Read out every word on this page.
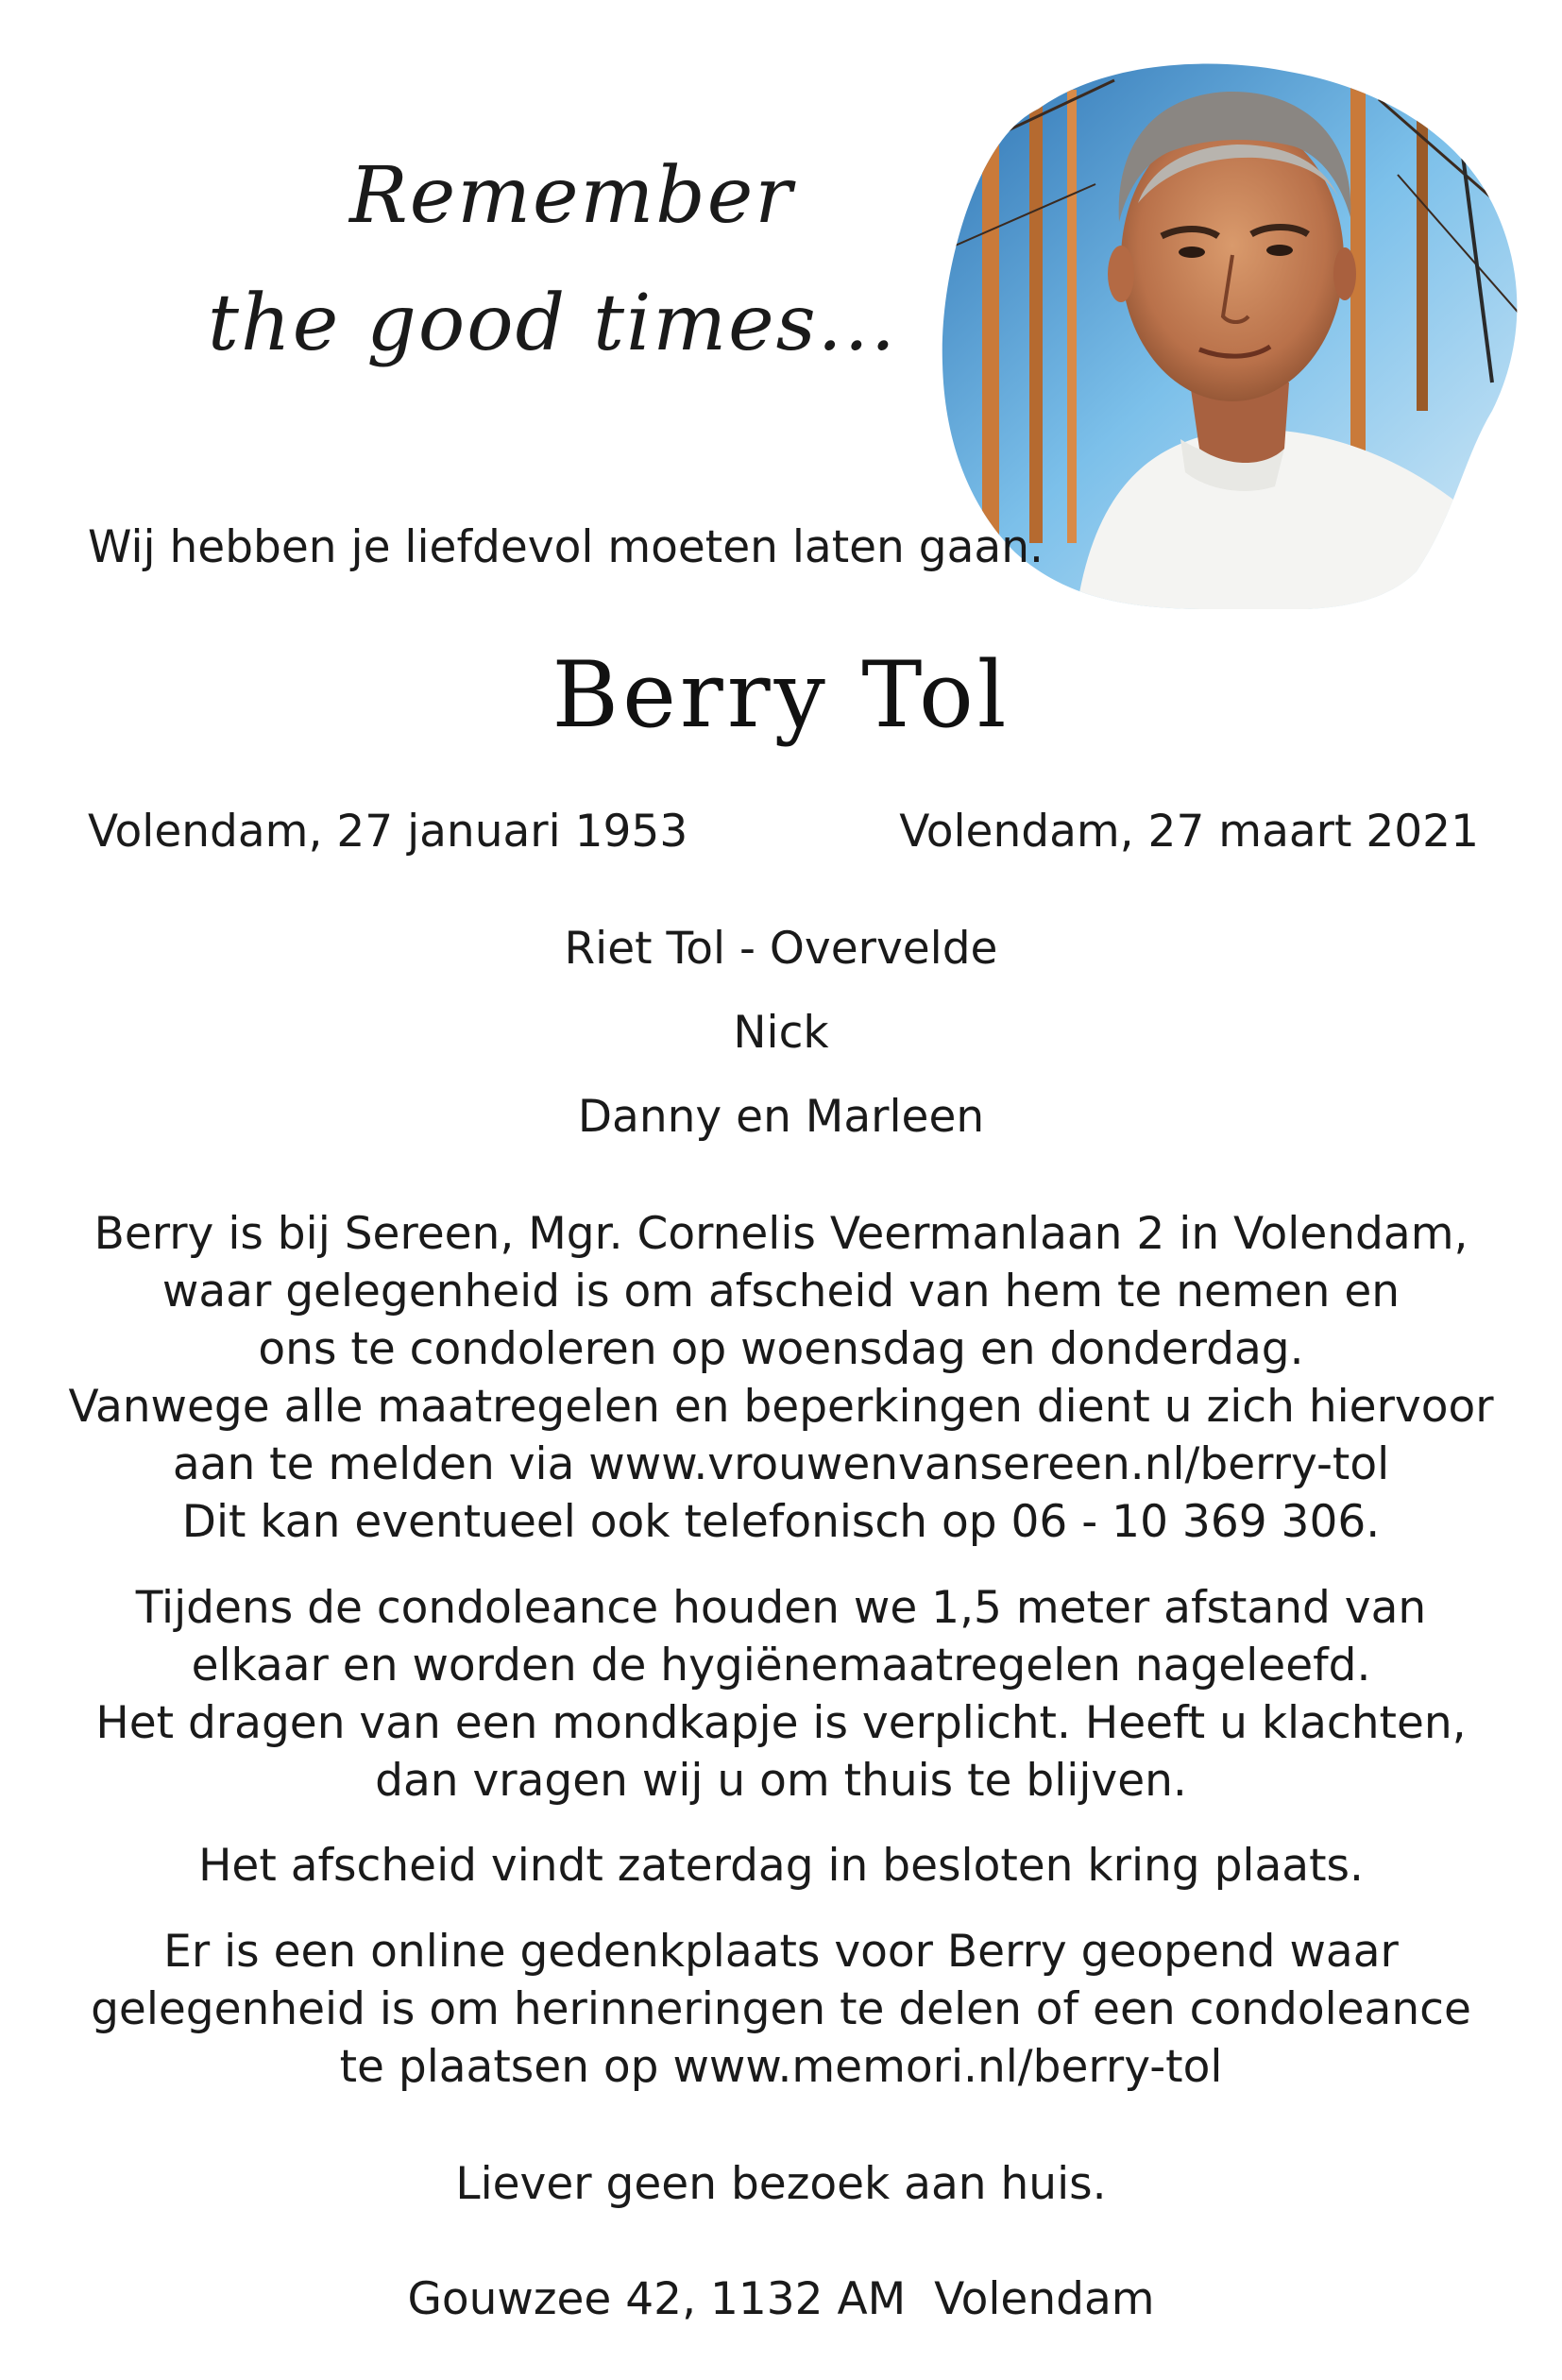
Remember
the good times...
Wij hebben je liefdevol moeten laten gaan.
Berry Tol
Volendam, 27 januari 1953	Volendam, 27 maart 2021

Riet Tol - Overvelde

Nick

Danny en Marleen

Berry is bij Sereen, Mgr. Cornelis Veermanlaan 2 in Volendam,

waar gelegenheid is om afscheid van hem te nemen en

ons te condoleren op woensdag en donderdag.

Vanwege alle maatregelen en beperkingen dient u zich hiervoor

aan te melden via www.vrouwenvansereen.nl/berry-tol

Dit kan eventueel ook telefonisch op 06 - 10 369 306.

Tijdens de condoleance houden we 1,5 meter afstand van

elkaar en worden de hygiënemaatregelen nageleefd.

Het dragen van een mondkapje is verplicht. Heeft u klachten,

dan vragen wij u om thuis te blijven.

Het afscheid vindt zaterdag in besloten kring plaats.

Er is een online gedenkplaats voor Berry geopend waar

gelegenheid is om herinneringen te delen of een condoleance

te plaatsen op www.memori.nl/berry-tol

Liever geen bezoek aan huis.

Gouwzee 42, 1132 AM  Volendam
